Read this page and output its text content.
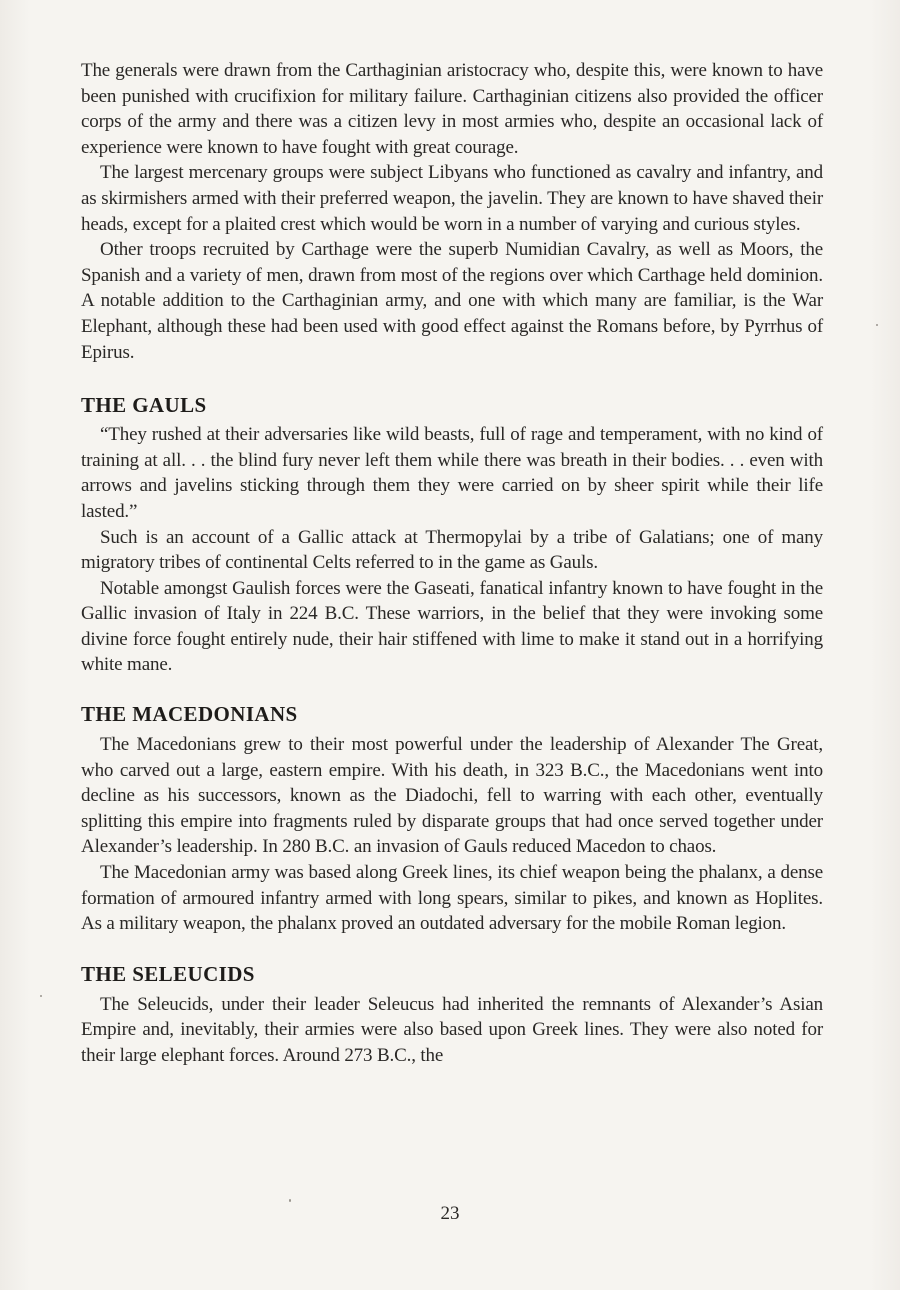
The generals were drawn from the Carthaginian aristocracy who, despite this, were known to have been punished with crucifixion for military failure. Carthaginian citizens also provided the officer corps of the army and there was a citizen levy in most armies who, despite an occasional lack of experience were known to have fought with great courage.

The largest mercenary groups were subject Libyans who functioned as cavalry and infantry, and as skirmishers armed with their preferred weapon, the javelin. They are known to have shaved their heads, except for a plaited crest which would be worn in a number of varying and curious styles.

Other troops recruited by Carthage were the superb Numidian Cavalry, as well as Moors, the Spanish and a variety of men, drawn from most of the regions over which Carthage held dominion. A notable addition to the Carthaginian army, and one with which many are familiar, is the War Elephant, although these had been used with good effect against the Romans before, by Pyrrhus of Epirus.

THE GAULS

“They rushed at their adversaries like wild beasts, full of rage and temperament, with no kind of training at all. . . the blind fury never left them while there was breath in their bodies. . . even with arrows and javelins sticking through them they were carried on by sheer spirit while their life lasted.”

Such is an account of a Gallic attack at Thermopylai by a tribe of Galatians; one of many migratory tribes of continental Celts referred to in the game as Gauls.

Notable amongst Gaulish forces were the Gaseati, fanatical infantry known to have fought in the Gallic invasion of Italy in 224 B.C. These warriors, in the belief that they were invoking some divine force fought entirely nude, their hair stiffened with lime to make it stand out in a horrifying white mane.

THE MACEDONIANS

The Macedonians grew to their most powerful under the leadership of Alexander The Great, who carved out a large, eastern empire. With his death, in 323 B.C., the Macedonians went into decline as his successors, known as the Diadochi, fell to warring with each other, eventually splitting this empire into fragments ruled by disparate groups that had once served together under Alexander’s leadership. In 280 B.C. an invasion of Gauls reduced Macedon to chaos.

The Macedonian army was based along Greek lines, its chief weapon being the phalanx, a dense formation of armoured infantry armed with long spears, similar to pikes, and known as Hoplites. As a military weapon, the phalanx proved an outdated adversary for the mobile Roman legion.

THE SELEUCIDS

The Seleucids, under their leader Seleucus had inherited the remnants of Alexander’s Asian Empire and, inevitably, their armies were also based upon Greek lines. They were also noted for their large elephant forces. Around 273 B.C., the

23
